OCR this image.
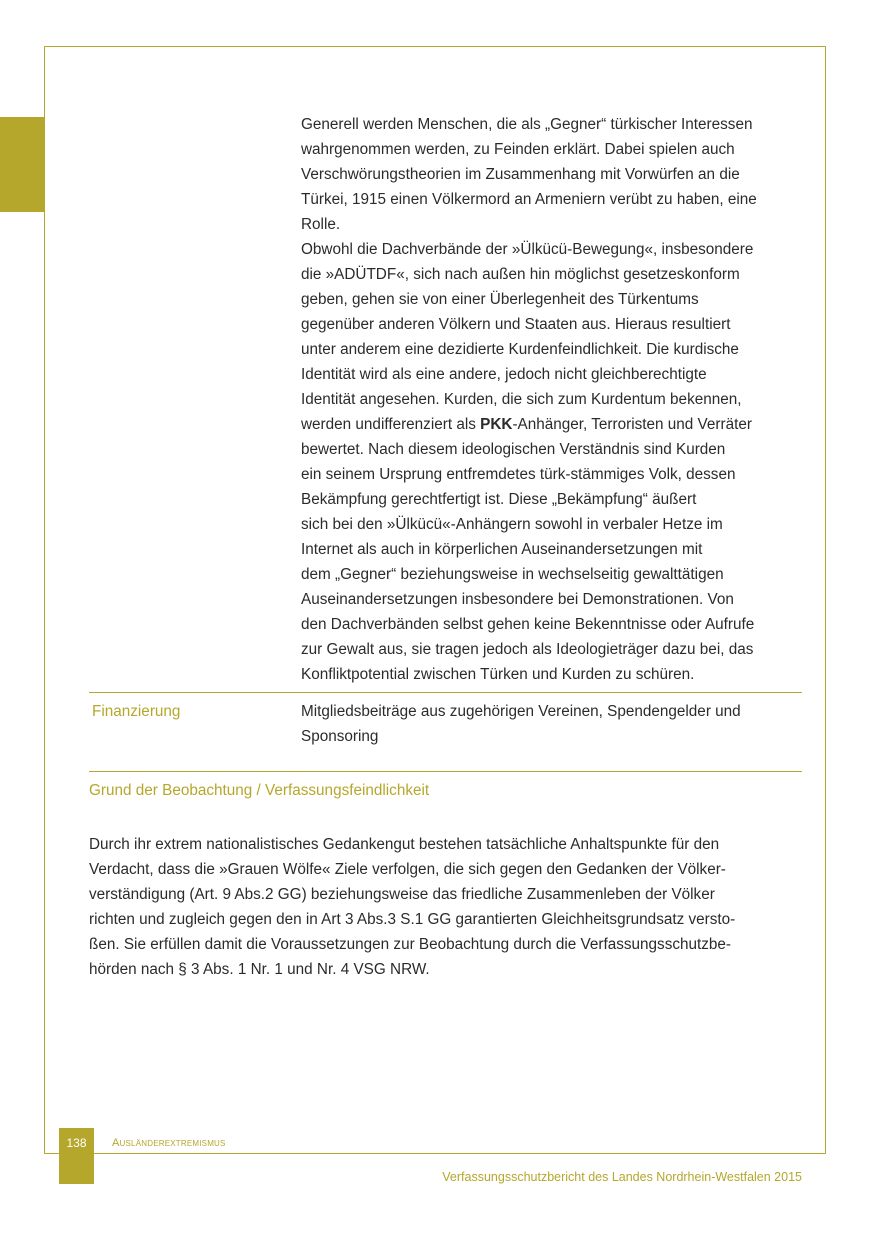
Generell werden Menschen, die als „Gegner“ türkischer Interessen
wahrgenommen werden, zu Feinden erklärt. Dabei spielen auch
Verschwörungstheorien im Zusammenhang mit Vorwürfen an die
Türkei, 1915 einen Völkermord an Armeniern verübt zu haben, eine
Rolle.
Obwohl die Dachverbände der »Ülkücü-Bewegung«, insbesondere
die »ADÜTDF«, sich nach außen hin möglichst gesetzeskonform
geben, gehen sie von einer Überlegenheit des Türkentums
gegenüber anderen Völkern und Staaten aus. Hieraus resultiert
unter anderem eine dezidierte Kurdenfeindlichkeit. Die kurdische
Identität wird als eine andere, jedoch nicht gleichberechtigte
Identität angesehen. Kurden, die sich zum Kurdentum bekennen,
werden undifferenziert als PKK-Anhänger, Terroristen und Verräter
bewertet. Nach diesem ideologischen Verständnis sind Kurden
ein seinem Ursprung entfremdetes türk-stämmiges Volk, dessen
Bekämpfung gerechtfertigt ist. Diese „Bekämpfung“ äußert
sich bei den »Ülkücü«-Anhängern sowohl in verbaler Hetze im
Internet als auch in körperlichen Auseinandersetzungen mit
dem „Gegner“ beziehungsweise in wechselseitig gewalttätigen
Auseinandersetzungen insbesondere bei Demonstrationen. Von
den Dachverbänden selbst gehen keine Bekenntnisse oder Aufrufe
zur Gewalt aus, sie tragen jedoch als Ideologieträger dazu bei, das
Konfliktpotential zwischen Türken und Kurden zu schüren.
Finanzierung	Mitgliedsbeiträge aus zugehörigen Vereinen, Spendengelder und
Sponsoring
Grund der Beobachtung / Verfassungsfeindlichkeit
Durch ihr extrem nationalistisches Gedankengut bestehen tatsächliche Anhaltspunkte für den
Verdacht, dass die »Grauen Wölfe« Ziele verfolgen, die sich gegen den Gedanken der Völker-
verständigung (Art. 9 Abs.2 GG) beziehungsweise das friedliche Zusammenleben der Völker
richten und zugleich gegen den in Art 3 Abs.3 S.1 GG garantierten Gleichheitsgrundsatz versto-
ßen. Sie erfüllen damit die Voraussetzungen zur Beobachtung durch die Verfassungsschutzbe-
hörden nach § 3 Abs. 1 Nr. 1 und Nr. 4 VSG NRW.
138	Ausländerextremismus
Verfassungsschutzbericht des Landes Nordrhein-Westfalen 2015
